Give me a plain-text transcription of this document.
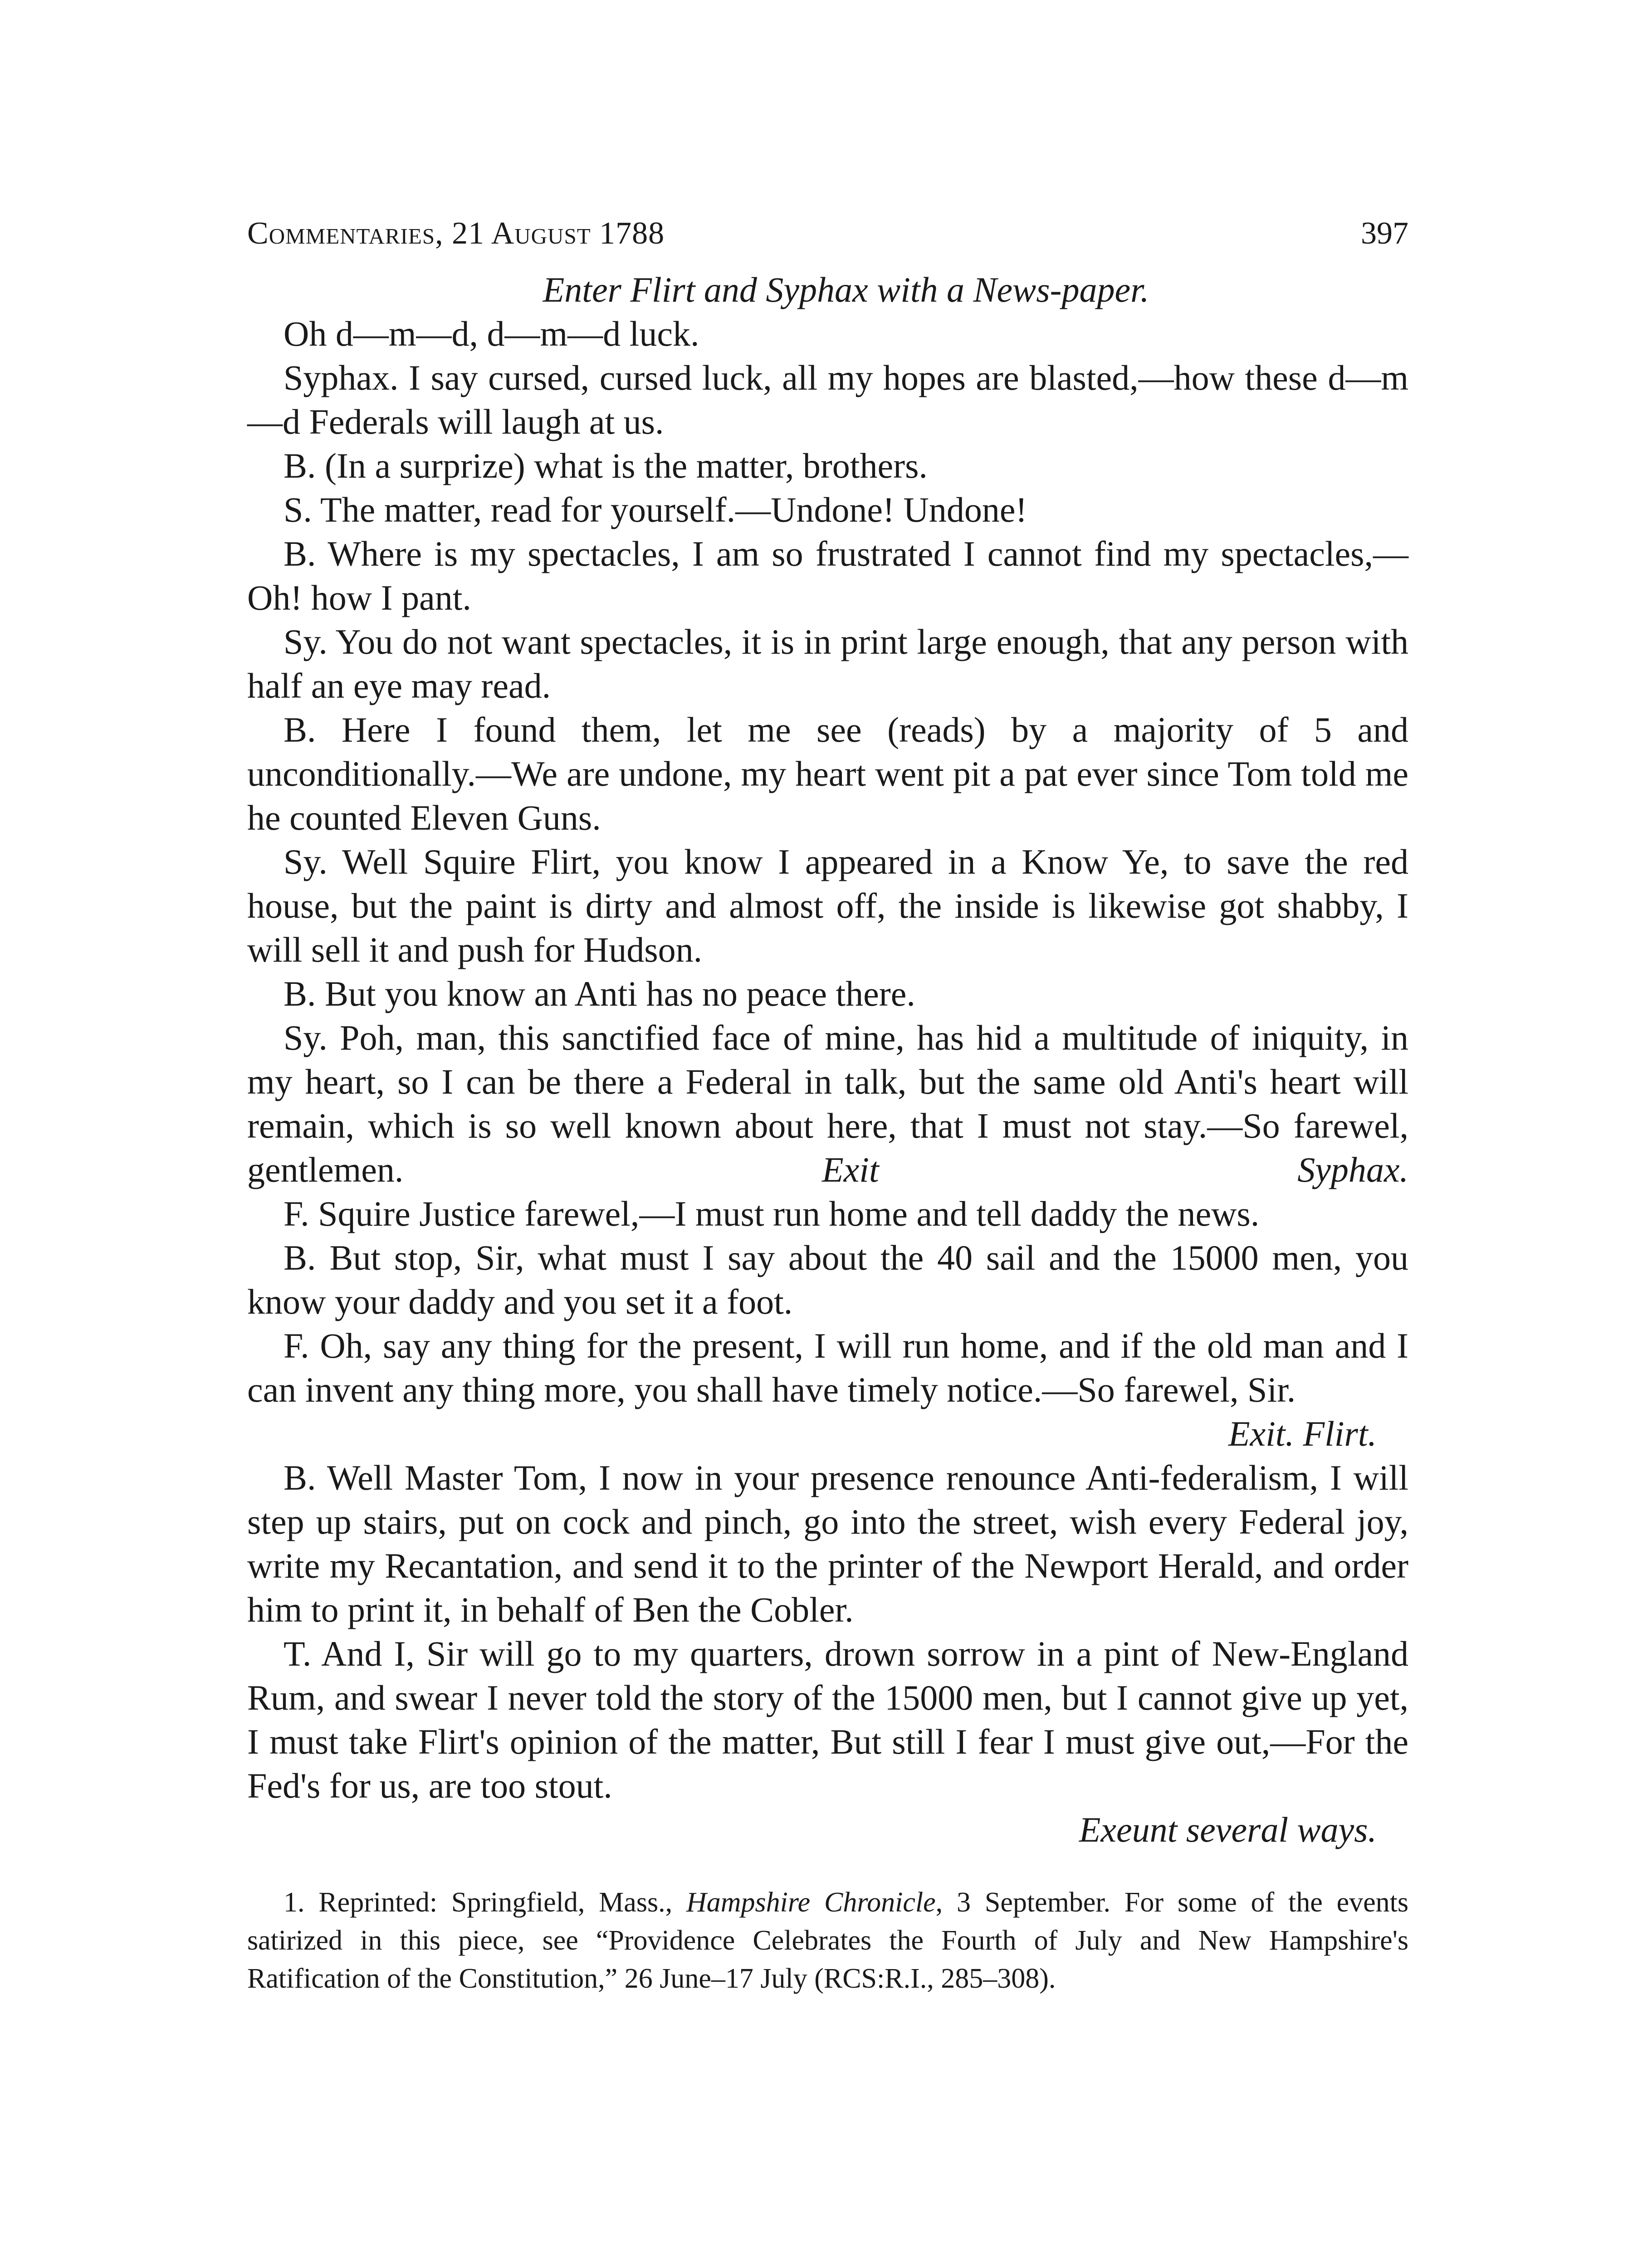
Commentaries, 21 August 1788	397

Enter Flirt and Syphax with a News-paper.

Oh d—m—d, d—m—d luck.

Syphax. I say cursed, cursed luck, all my hopes are blasted,—how these d—m—d Federals will laugh at us.

B. (In a surprize) what is the matter, brothers.

S. The matter, read for yourself.—Undone! Undone!

B. Where is my spectacles, I am so frustrated I cannot find my spectacles,—Oh! how I pant.

Sy. You do not want spectacles, it is in print large enough, that any person with half an eye may read.

B. Here I found them, let me see (reads) by a majority of 5 and unconditionally.—We are undone, my heart went pit a pat ever since Tom told me he counted Eleven Guns.

Sy. Well Squire Flirt, you know I appeared in a Know Ye, to save the red house, but the paint is dirty and almost off, the inside is likewise got shabby, I will sell it and push for Hudson.

B. But you know an Anti has no peace there.

Sy. Poh, man, this sanctified face of mine, has hid a multitude of iniquity, in my heart, so I can be there a Federal in talk, but the same old Anti's heart will remain, which is so well known about here, that I must not stay.—So farewel, gentlemen.	Exit Syphax.

F. Squire Justice farewel,—I must run home and tell daddy the news.

B. But stop, Sir, what must I say about the 40 sail and the 15000 men, you know your daddy and you set it a foot.

F. Oh, say any thing for the present, I will run home, and if the old man and I can invent any thing more, you shall have timely notice.—So farewel, Sir.

Exit. Flirt.

B. Well Master Tom, I now in your presence renounce Anti-federalism, I will step up stairs, put on cock and pinch, go into the street, wish every Federal joy, write my Recantation, and send it to the printer of the Newport Herald, and order him to print it, in behalf of Ben the Cobler.

T. And I, Sir will go to my quarters, drown sorrow in a pint of New-England Rum, and swear I never told the story of the 15000 men, but I cannot give up yet, I must take Flirt's opinion of the matter, But still I fear I must give out,—For the Fed's for us, are too stout.

Exeunt several ways.

1. Reprinted: Springfield, Mass., Hampshire Chronicle, 3 September. For some of the events satirized in this piece, see “Providence Celebrates the Fourth of July and New Hampshire's Ratification of the Constitution,” 26 June–17 July (RCS:R.I., 285–308).
